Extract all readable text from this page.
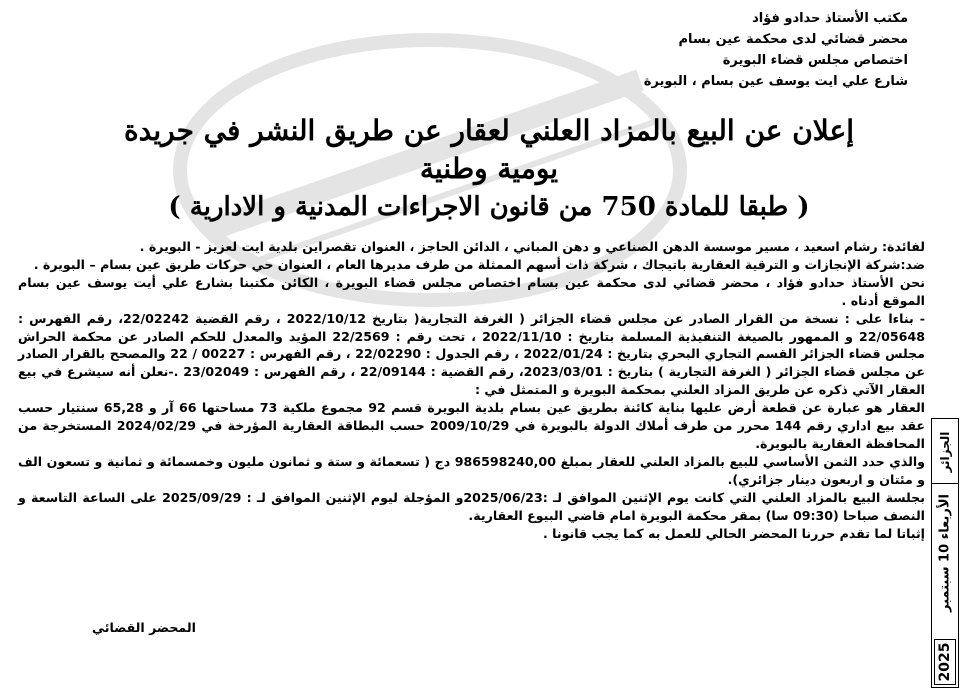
مكتب الأستاذ حدادو فؤاد
محضر قضائي لدى محكمة عين بسام
اختصاص مجلس قضاء البويرة
شارع علي ايت يوسف عين بسام ، البويرة
إعلان عن البيع بالمزاد العلني لعقار عن طريق النشر في جريدة
يومية وطنية
( طبقا للمادة 750 من قانون الاجراءات المدنية و الادارية )

لفائدة: رشام اسعيد ، مسير موسسة الدهن الصناعي و دهن المباني ، الدائن الحاجز ، العنوان تقصراين بلدية ايت لعزيز - البويرة .

ضد:شركة الإنجازات و الترقية العقارية باتيجاك ، شركة ذات أسهم الممثلة من طرف مديرها العام ، العنوان حي حركات طريق عين بسام – البويرة .

نحن الأستاذ حدادو فؤاد ، محضر قضائي لدى محكمة عين بسام اختصاص مجلس قضاء البويرة ، الكائن مكتبنا بشارع علي أيت يوسف عين بسام الموقع أدناه .

- بناءا على : نسخة من القرار الصادر عن مجلس قضاء الجزائر ( الغرفة التجارية( بتاريخ 2022/10/12 ، رقم القضية 22/02242، رقم الفهرس : 22/05648 و الممهور بالصيغة التنفيذية المسلمة بتاريخ : 2022/11/10 ، تحت رقم : 22/2569 المؤيد والمعدل للحكم الصادر عن محكمة الحراش مجلس قضاء الجزائر القسم التجاري البحري بتاريخ : 2022/01/24 ، رقم الجدول : 22/02290 ، رقم الفهرس : 00227 / 22 والمصحح بالقرار الصادر عن مجلس قضاء الجزائر ( الغرفة التجارية ) بتاريخ : 2023/03/01، رقم القضية : 22/09144 ، رقم الفهرس : 23/02049 .-نعلن أنه سيشرع في بيع العقار الآتي ذكره عن طريق المزاد العلني بمحكمة البويرة و المتمثل في :

العقار هو عبارة عن قطعة أرض عليها بناية كائنة بطريق عين بسام بلدية البويرة قسم 92 مجموع ملكية 73 مساحتها 66 آر و 65,28 سنتيار حسب عقد بيع اداري رقم 144 محرر من طرف أملاك الدولة بالبويرة في 2009/10/29 حسب البطاقة العقارية المؤرخة في 2024/02/29 المستخرجة من المحافظة العقارية بالبويرة.

والذي حدد الثمن الأساسي للبيع بالمزاد العلني للعقار بمبلغ 986598240,00 دج ( تسعمائة و ستة و ثمانون مليون وخمسمائة و ثمانية و تسعون الف و مئتان و اربعون دينار جزائري).

بجلسة البيع بالمزاد العلني التي كانت يوم الإثنين الموافق لـ :2025/06/23و المؤجلة ليوم الإثنين الموافق لـ : 2025/09/29 على الساعة التاسعة و النصف صباحا (09:30 سا) بمقر محكمة البويرة امام قاضي البيوع العقارية.

إثباتا لما تقدم حررنا المحضر الحالي للعمل به كما يجب قانونا .

المحضر القضائي
الجزائر
الأربعاء 10 سبتمبر
2025
